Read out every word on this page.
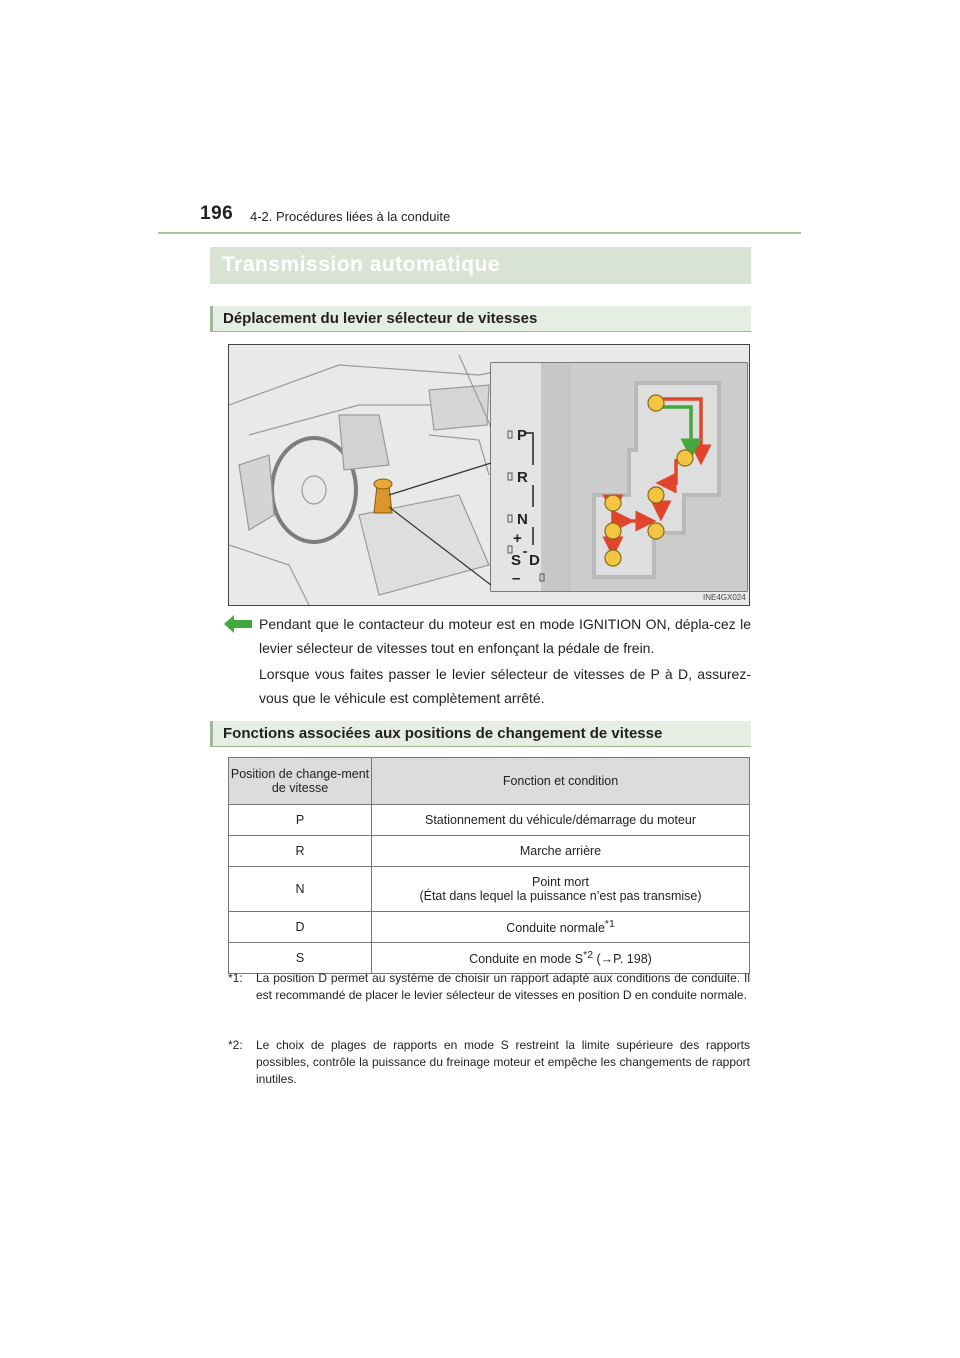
196 4-2. Procédures liées à la conduite
Transmission automatique
Déplacement du levier sélecteur de vitesses
P
R
N
+
S D
–
INE4GX024
Pendant que le contacteur du moteur est en mode IGNITION ON, dépla-cez le levier sélecteur de vitesses tout en enfonçant la pédale de frein.
Lorsque vous faites passer le levier sélecteur de vitesses de P à D, assurez-vous que le véhicule est complètement arrêté.
Fonctions associées aux positions de changement de vitesse
Position de change-ment de vitesse	Fonction et condition
P	Stationnement du véhicule/démarrage du moteur
R	Marche arrière
N	Point mort
(État dans lequel la puissance n’est pas transmise)

D	Conduite normale$^{*1}$
S	Conduite en mode $S^{*2}$ (→P. 198)
*1: La position D permet au système de choisir un rapport adapté aux conditions de conduite. Il est recommandé de placer le levier sélecteur de vitesses en position D en conduite normale.
*2: Le choix de plages de rapports en mode S restreint la limite supérieure des rapports possibles, contrôle la puissance du freinage moteur et empêche les changements de rapport inutiles.
